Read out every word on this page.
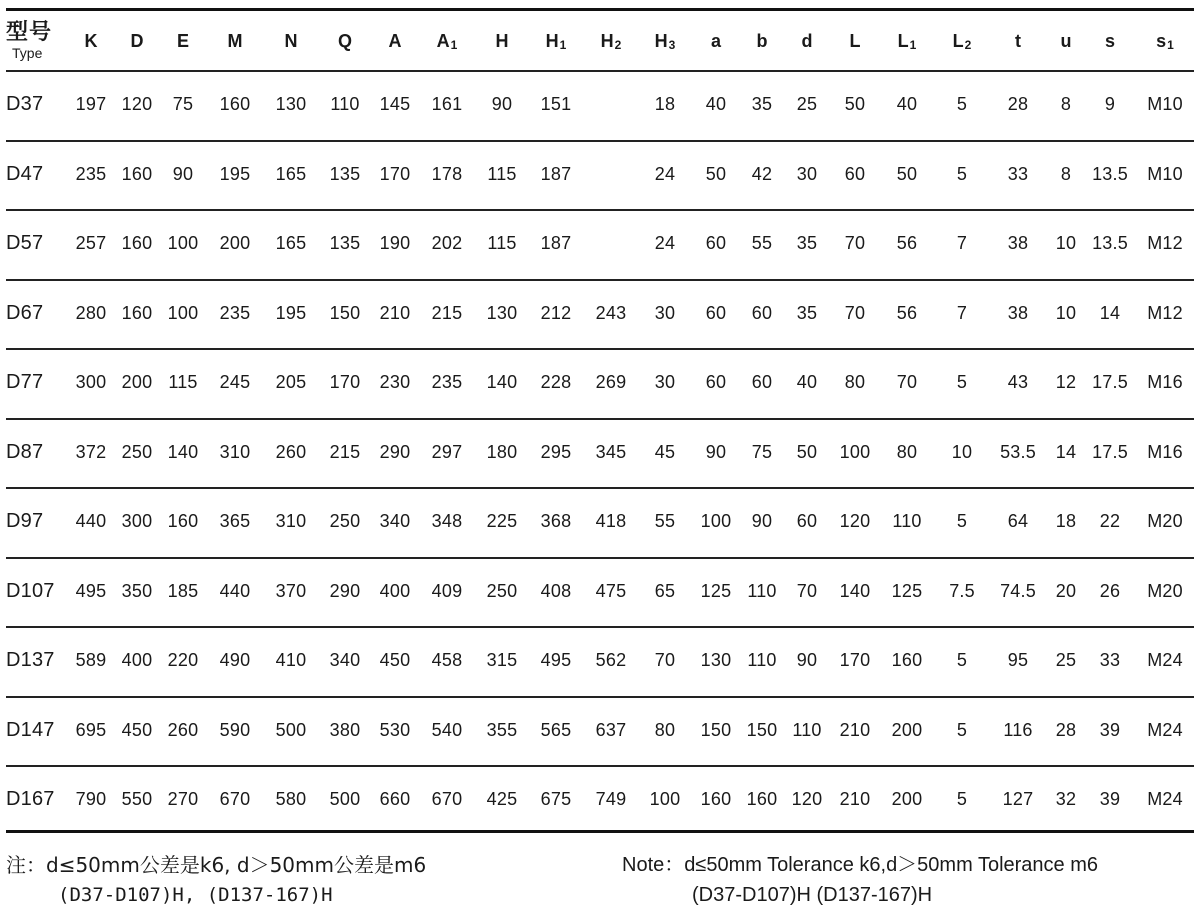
型号
Type	K	D	E	M	N	Q	A	A1	H	H1	H2	H3	a	b	d	L	L1	L2	t	u	s	s1
D37	197	120	75	160	130	110	145	161	90	151		18	40	35	25	50	40	5	28	8	9	M10
D47	235	160	90	195	165	135	170	178	115	187		24	50	42	30	60	50	5	33	8	13.5	M10
D57	257	160	100	200	165	135	190	202	115	187		24	60	55	35	70	56	7	38	10	13.5	M12
D67	280	160	100	235	195	150	210	215	130	212	243	30	60	60	35	70	56	7	38	10	14	M12
D77	300	200	115	245	205	170	230	235	140	228	269	30	60	60	40	80	70	5	43	12	17.5	M16
D87	372	250	140	310	260	215	290	297	180	295	345	45	90	75	50	100	80	10	53.5	14	17.5	M16
D97	440	300	160	365	310	250	340	348	225	368	418	55	100	90	60	120	110	5	64	18	22	M20
D107	495	350	185	440	370	290	400	409	250	408	475	65	125	110	70	140	125	7.5	74.5	20	26	M20
D137	589	400	220	490	410	340	450	458	315	495	562	70	130	110	90	170	160	5	95	25	33	M24
D147	695	450	260	590	500	380	530	540	355	565	637	80	150	150	110	210	200	5	116	28	39	M24
D167	790	550	270	670	580	500	660	670	425	675	749	100	160	160	120	210	200	5	127	32	39	M24
注：d≤50mm公差是k6, d＞50mm公差是m6
(D37-D107)H, (D137-167)H
Note：d≤50mm Tolerance k6,d＞50mm Tolerance m6
(D37-D107)H (D137-167)H
